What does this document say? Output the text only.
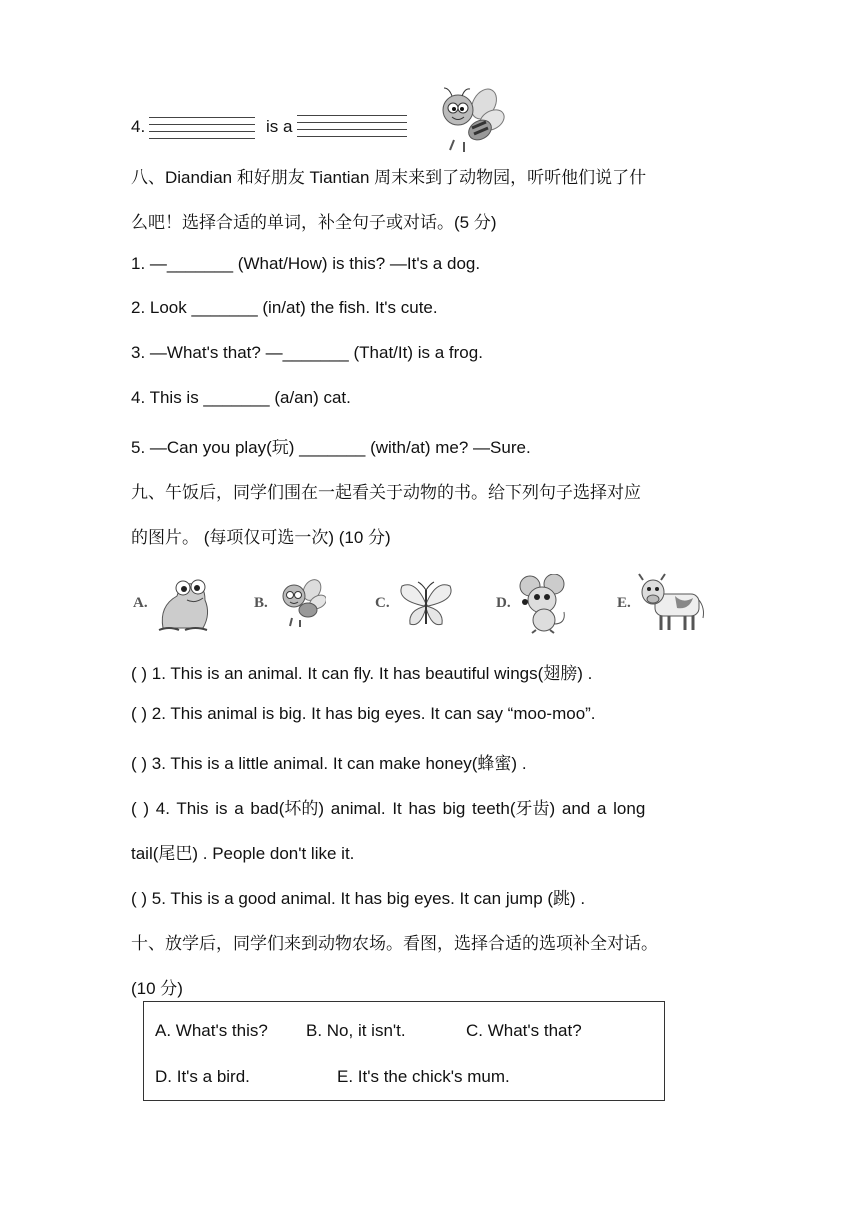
4.	is a
八、Diandian 和好朋友 Tiantian 周末来到了动物园，听听他们说了什
么吧！选择合适的单词，补全句子或对话。(5 分)
1. —_______ (What/How) is this? —It's a dog.
2. Look _______ (in/at) the fish. It's cute.
3. —What's that? —_______ (That/It) is a frog.
4. This is _______ (a/an) cat.
5. —Can you play(玩) _______ (with/at) me? —Sure.
九、午饭后，同学们围在一起看关于动物的书。给下列句子选择对应
的图片。 (每项仅可选一次) (10 分)
A.	B.	C.	D.	E.
( ) 1. This is an animal. It can fly. It has beautiful wings(翅膀) .
( ) 2. This animal is big. It has big eyes. It can say “moo-moo”.
( ) 3. This is a little animal. It can make honey(蜂蜜) .
( ) 4. This is a bad(坏的) animal. It has big teeth(牙齿) and a long
tail(尾巴) . People don't like it.
( ) 5. This is a good animal. It has big eyes. It can jump (跳) .
十、放学后，同学们来到动物农场。看图，选择合适的选项补全对话。
(10 分)
A. What's this? B. No, it isn't.	C. What's that?
D. It's a bird.	E. It's the chick's mum.
